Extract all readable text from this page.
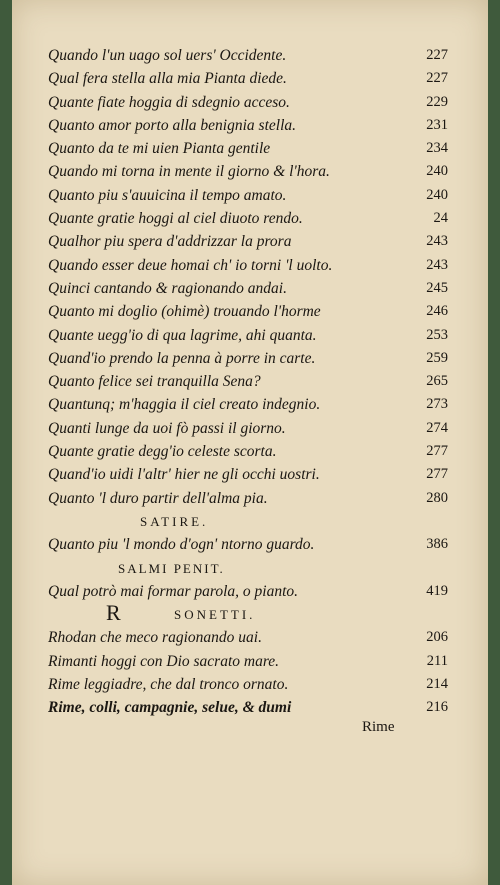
Quando l'un uago sol uers' Occidente.	227
Qual fera stella alla mia Pianta diede.	227
Quante fiate hoggia di sdegnio acceso.	229
Quanto amor porto alla benignia stella.	231
Quanto da te mi uien Pianta gentile	234
Quando mi torna in mente il giorno & l'hora.	240
Quanto piu s'auuicina il tempo amato.	240
Quante gratie hoggi al ciel diuoto rendo.	24
Qualhor piu spera d'addrizzar la prora	243
Quando esser deue homai ch' io torni 'l uolto.	243
Quinci cantando & ragionando andai.	245
Quanto mi doglio (ohimè) trouando l'horme	246
Quante uegg'io di qua lagrime, ahi quanta.	253
Quand'io prendo la penna à porre in carte.	259
Quanto felice sei tranquilla Sena?	265
Quantunq; m'haggia il ciel creato indegnio.	273
Quanti lunge da uoi fò passi il giorno.	274
Quante gratie degg'io celeste scorta.	277
Quand'io uidi l'altr' hier ne gli occhi uostri.	277
Quanto 'l duro partir dell'alma pia.	280
SATIRE.
Quanto piu 'l mondo d'ogn' ntorno guardo.	386
SALMI PENIT.
Qual potrò mai formar parola, o pianto.	419
R	SONETTI.
Rhodan che meco ragionando uai.	206
Rimanti hoggi con Dio sacrato mare.	211
Rime leggiadre, che dal tronco ornato.	214
Rime, colli, campagnie, selue, & dumi	216
Rime
